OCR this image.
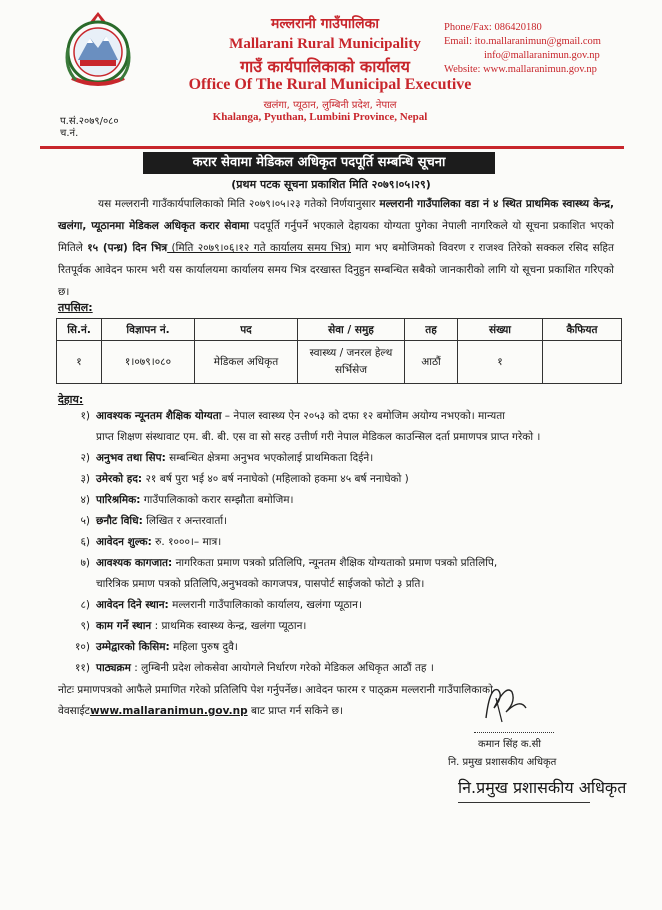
मल्लरानी गाउँपालिका
Mallarani Rural Municipality
गाउँ कार्यपालिकाको कार्यालय
Office Of The Rural Municipal Executive
खलंगा, प्यूठान, लुम्बिनी प्रदेश, नेपाल
Khalanga, Pyuthan, Lumbini Province, Nepal
Phone/Fax: 086420180
Email: ito.mallaranimun@gmail.com
info@mallaranimun.gov.np
Website: www.mallaranimun.gov.np
प.सं.२०७९/०८०
च.नं.
करार सेवामा मेडिकल अधिकृत पदपूर्ति सम्बन्धि सूचना
(प्रथम पटक सूचना प्रकाशित मिति २०७९।०५।२९)
यस मल्लरानी गाउँकार्यपालिकाको मिति २०७९।०५।२३ गतेको निर्णयानुसार मल्लरानी गाउँपालिका वडा नं ४ स्थित प्राथमिक स्वास्थ्य केन्द्र, खलंगा, प्यूठानमा मेडिकल अधिकृत करार सेवामा पदपूर्ति गर्नुपर्ने भएकाले देहायका योग्यता पुगेका नेपाली नागरिकले यो सूचना प्रकाशित भएको मितिले १५ (पन्ध्र) दिन भित्र (मिति २०७९।०६।१२ गते कार्यालय समय भित्र) माग भए बमोजिमको विवरण र राजश्व तिरेको सक्कल रसिद सहित रितपूर्वक आवेदन फारम भरी यस कार्यालयमा कार्यालय समय भित्र दरखास्त दिनुहुन सम्बन्धित सबैको जानकारीको लागि यो सूचना प्रकाशित गरिएको छ।
तपसिल:
सि.नं.	विज्ञापन नं.	पद	सेवा / समुह	तह	संख्या	कैफियत
१	१।०७९।०८०	मेडिकल अधिकृत	स्वास्थ्य / जनरल हेल्थ सर्भिसेज	आठौं	१	
देहाय:
१) आवश्यक न्यूनतम शैक्षिक योग्यता – नेपाल स्वास्थ्य ऐन २०५३ को दफा १२ बमोजिम अयोग्य नभएको। मान्यता
प्राप्त शिक्षण संस्थावाट एम. बी. बी. एस वा सो सरह उत्तीर्ण गरी नेपाल मेडिकल काउन्सिल दर्ता प्रमाणपत्र प्राप्त गरेको ।
२) अनुभव तथा सिप: सम्बन्धित क्षेत्रमा अनुभव भएकोलाई प्राथमिकता दिईने।
३) उमेरको हद: २१ बर्ष पुरा भई ४० बर्ष ननाघेको (महिलाको हकमा ४५ बर्ष ननाघेको )
४) पारिश्रमिक: गाउँपालिकाको करार सम्झौता बमोजिम।
५) छनौट विधि: लिखित र अन्तरवार्ता।
६) आवेदन शुल्क: रु. १०००।– मात्र।
७) आवश्यक कागजात: नागरिकता प्रमाण पत्रको प्रतिलिपि, न्यूनतम शैक्षिक योग्यताको प्रमाण पत्रको प्रतिलिपि,
चारित्रिक प्रमाण पत्रको प्रतिलिपि,अनुभवको कागजपत्र, पासपोर्ट साईजको फोटो ३ प्रति।
८) आवेदन दिने स्थान: मल्लरानी गाउँपालिकाको कार्यालय, खलंगा प्यूठान।
९) काम गर्ने स्थान : प्राथमिक स्वास्थ्य केन्द्र, खलंगा प्यूठान।
१०) उम्मेद्वारको किसिम: महिला पुरुष दुवै।
११) पाठ्यक्रम : लुम्बिनी प्रदेश लोकसेवा आयोगले निर्धारण गरेको मेडिकल अधिकृत आठौं तह ।
नोटः प्रमाणपत्रको आफैले प्रमाणित गरेको प्रतिलिपि पेश गर्नुपर्नेछ। आवेदन फारम र पाठ्क्रम मल्लरानी गाउँपालिकाको वेवसाईटwww.mallaranimun.gov.np बाट प्राप्त गर्न सकिने छ।
कमान सिंह क.सी
नि. प्रमुख प्रशासकीय अधिकृत
नि.प्रमुख प्रशासकीय अधिकृत
